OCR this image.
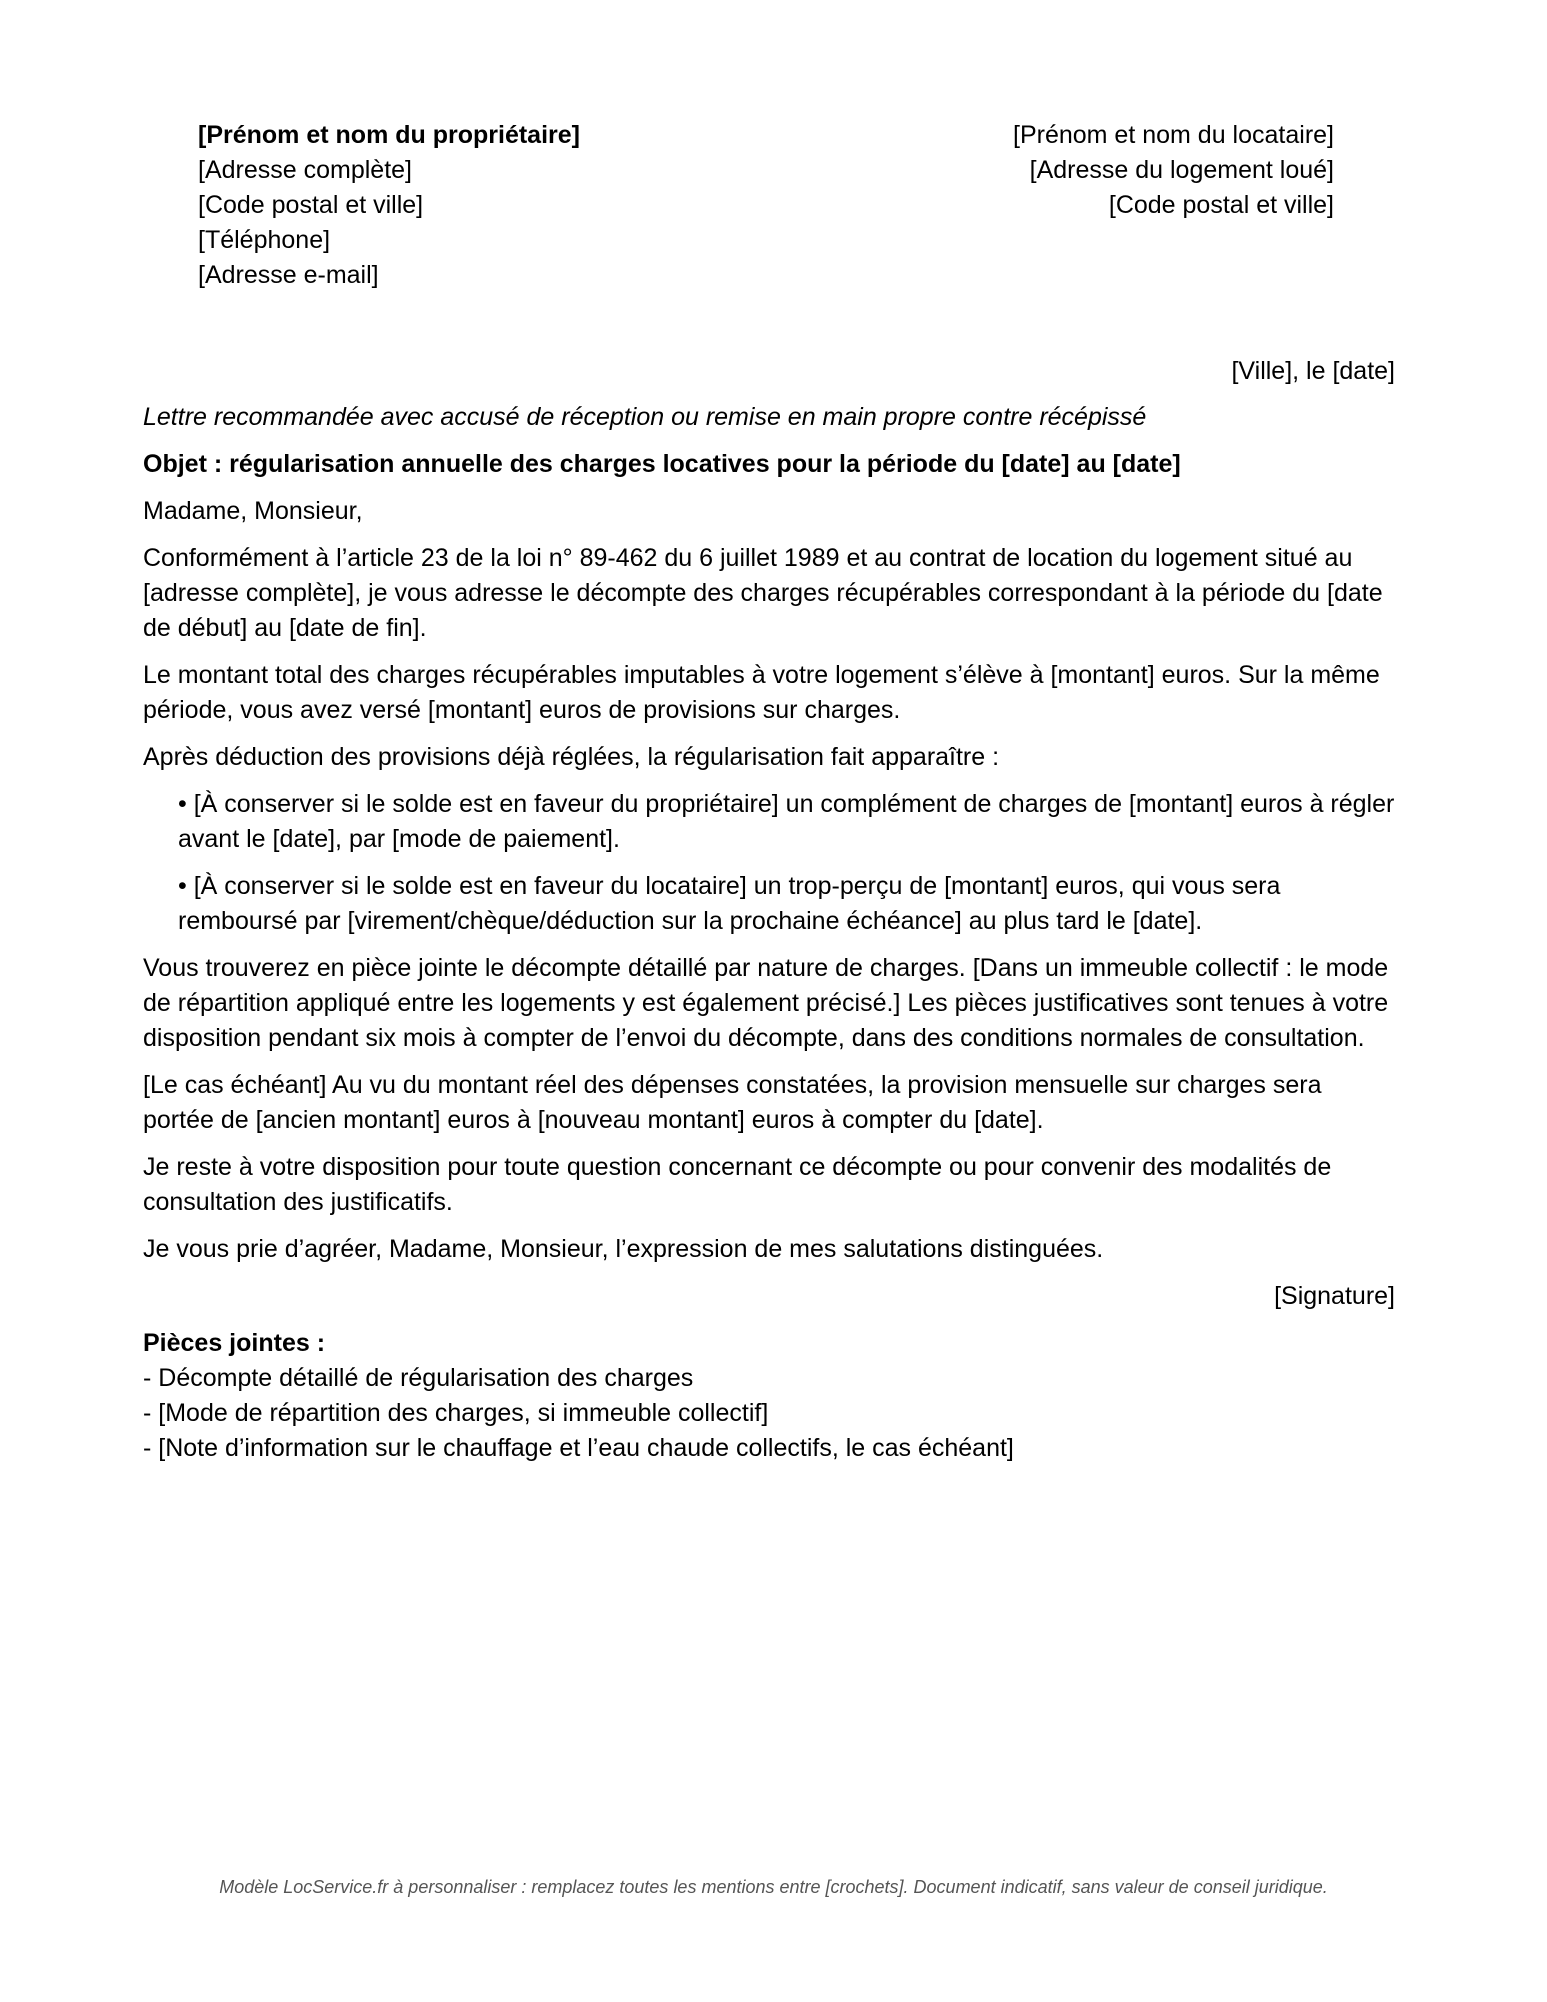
[Prénom et nom du propriétaire]
[Adresse complète]
[Code postal et ville]
[Téléphone]
[Adresse e-mail]
[Prénom et nom du locataire]
[Adresse du logement loué]
[Code postal et ville]

[Ville], le [date]

Lettre recommandée avec accusé de réception ou remise en main propre contre récépissé

Objet : régularisation annuelle des charges locatives pour la période du [date] au [date]

Madame, Monsieur,

Conformément à l’article 23 de la loi n° 89-462 du 6 juillet 1989 et au contrat de location du logement situé au [adresse complète], je vous adresse le décompte des charges récupérables correspondant à la période du [date de début] au [date de fin].

Le montant total des charges récupérables imputables à votre logement s’élève à [montant] euros. Sur la même période, vous avez versé [montant] euros de provisions sur charges.

Après déduction des provisions déjà réglées, la régularisation fait apparaître :

• [À conserver si le solde est en faveur du propriétaire] un complément de charges de [montant] euros à régler avant le [date], par [mode de paiement].

• [À conserver si le solde est en faveur du locataire] un trop-perçu de [montant] euros, qui vous sera remboursé par [virement/chèque/déduction sur la prochaine échéance] au plus tard le [date].

Vous trouverez en pièce jointe le décompte détaillé par nature de charges. [Dans un immeuble collectif : le mode de répartition appliqué entre les logements y est également précisé.] Les pièces justificatives sont tenues à votre disposition pendant six mois à compter de l’envoi du décompte, dans des conditions normales de consultation.

[Le cas échéant] Au vu du montant réel des dépenses constatées, la provision mensuelle sur charges sera portée de [ancien montant] euros à [nouveau montant] euros à compter du [date].

Je reste à votre disposition pour toute question concernant ce décompte ou pour convenir des modalités de consultation des justificatifs.

Je vous prie d’agréer, Madame, Monsieur, l’expression de mes salutations distinguées.

[Signature]

Pièces jointes :

- Décompte détaillé de régularisation des charges
- [Mode de répartition des charges, si immeuble collectif]
- [Note d’information sur le chauffage et l’eau chaude collectifs, le cas échéant]
Modèle LocService.fr à personnaliser : remplacez toutes les mentions entre [crochets]. Document indicatif, sans valeur de conseil juridique.
